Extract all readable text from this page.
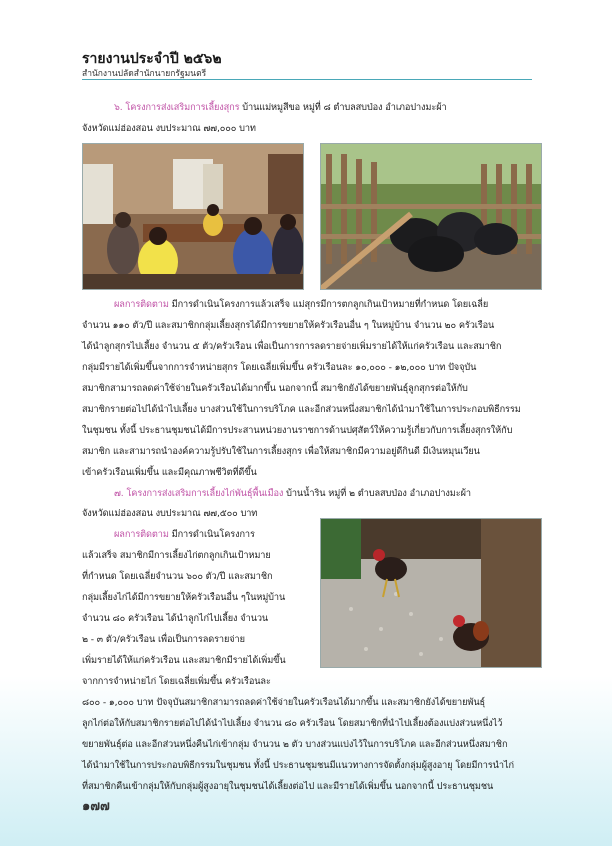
รายงานประจำปี ๒๕๖๒
สำนักงานปลัดสำนักนายกรัฐมนตรี
๖. โครงการส่งเสริมการเลี้ยงสุกร บ้านแม่หมูสีขอ หมู่ที่ ๘ ตำบลสบป่อง อำเภอปางมะผ้า
จังหวัดแม่ฮ่องสอน งบประมาณ ๗๗,๐๐๐ บาท
ผลการติดตาม มีการดำเนินโครงการแล้วเสร็จ แม่สุกรมีการตกลูกเกินเป้าหมายที่กำหนด โดยเฉลี่ย
จำนวน ๑๑๐ ตัว/ปี และสมาชิกกลุ่มเลี้ยงสุกรได้มีการขยายให้ครัวเรือนอื่น ๆ ในหมู่บ้าน จำนวน ๒๐ ครัวเรือน
ได้นำลูกสุกรไปเลี้ยง จำนวน ๕ ตัว/ครัวเรือน เพื่อเป็นการการลดรายจ่ายเพิ่มรายได้ให้แก่ครัวเรือน และสมาชิก
กลุ่มมีรายได้เพิ่มขึ้นจากการจำหน่ายสุกร โดยเฉลี่ยเพิ่มขึ้น ครัวเรือนละ ๑๐,๐๐๐ - ๑๒,๐๐๐ บาท ปัจจุบัน
สมาชิกสามารถลดค่าใช้จ่ายในครัวเรือนได้มากขึ้น นอกจากนี้ สมาชิกยังได้ขยายพันธุ์ลูกสุกรต่อให้กับ
สมาชิกรายต่อไปได้นำไปเลี้ยง บางส่วนใช้ในการบริโภค และอีกส่วนหนึ่งสมาชิกได้นำมาใช้ในการประกอบพิธีกรรม
ในชุมชน ทั้งนี้ ประธานชุมชนได้มีการประสานหน่วยงานราชการด้านปศุสัตว์ให้ความรู้เกี่ยวกับการเลี้ยงสุกรให้กับ
สมาชิก และสามารถนำองค์ความรู้ปรับใช้ในการเลี้ยงสุกร เพื่อให้สมาชิกมีความอยู่ดีกินดี มีเงินหมุนเวียน
เข้าครัวเรือนเพิ่มขึ้น และมีคุณภาพชีวิตที่ดีขึ้น
๗. โครงการส่งเสริมการเลี้ยงไก่พันธุ์พื้นเมือง บ้านน้ำริน หมู่ที่ ๒ ตำบลสบป่อง อำเภอปางมะผ้า
จังหวัดแม่ฮ่องสอน งบประมาณ ๗๗,๕๐๐ บาท
ผลการติดตาม มีการดำเนินโครงการ
แล้วเสร็จ สมาชิกมีการเลี้ยงไก่ตกลูกเกินเป้าหมาย
ที่กำหนด โดยเฉลี่ยจำนวน ๖๐๐ ตัว/ปี และสมาชิก
กลุ่มเลี้ยงไก่ได้มีการขยายให้ครัวเรือนอื่น ๆในหมู่บ้าน
จำนวน ๘๐ ครัวเรือน ได้นำลูกไก่ไปเลี้ยง จำนวน
๒ - ๓ ตัว/ครัวเรือน เพื่อเป็นการลดรายจ่าย
เพิ่มรายได้ให้แก่ครัวเรือน และสมาชิกมีรายได้เพิ่มขึ้น
จากการจำหน่ายไก่ โดยเฉลี่ยเพิ่มขึ้น ครัวเรือนละ
๘๐๐ - ๑,๐๐๐ บาท ปัจจุบันสมาชิกสามารถลดค่าใช้จ่ายในครัวเรือนได้มากขึ้น และสมาชิกยังได้ขยายพันธุ์
ลูกไก่ต่อให้กับสมาชิกรายต่อไปได้นำไปเลี้ยง จำนวน ๘๐ ครัวเรือน โดยสมาชิกที่นำไปเลี้ยงต้องแบ่งส่วนหนึ่งไว้
ขยายพันธุ์ต่อ และอีกส่วนหนึ่งคืนไก่เข้ากลุ่ม จำนวน ๒ ตัว บางส่วนแบ่งไว้ในการบริโภค และอีกส่วนหนึ่งสมาชิก
ได้นำมาใช้ในการประกอบพิธีกรรมในชุมชน ทั้งนี้ ประธานชุมชนมีแนวทางการจัดตั้งกลุ่มผู้สูงอายุ โดยมีการนำไก่
ที่สมาชิกคืนเข้ากลุ่มให้กับกลุ่มผู้สูงอายุในชุมชนได้เลี้ยงต่อไป และมีรายได้เพิ่มขึ้น นอกจากนี้ ประธานชุมชน
๑๗๗
